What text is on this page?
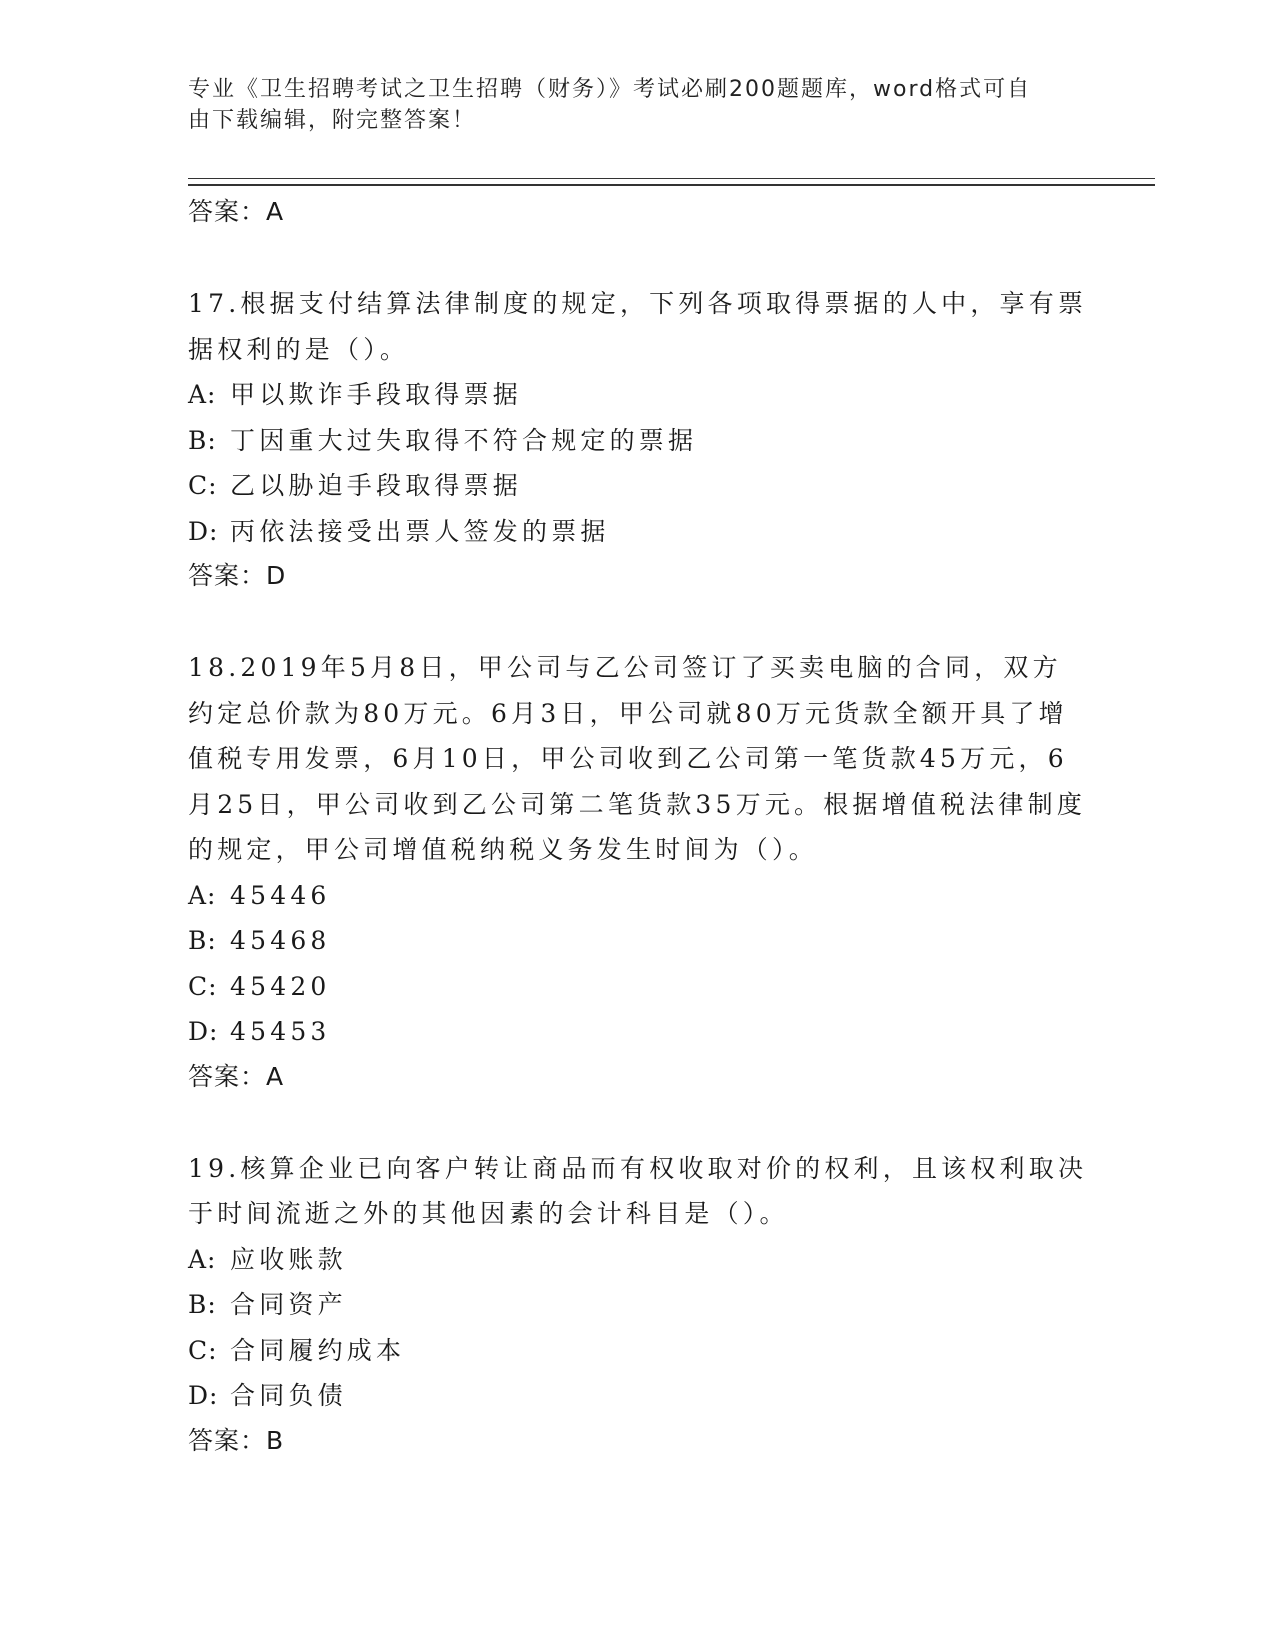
专业《卫生招聘考试之卫生招聘（财务）》考试必刷200题题库，word格式可自
由下载编辑，附完整答案！
答案：A
17.根据支付结算法律制度的规定，下列各项取得票据的人中，享有票据权利的是（）。
A: 甲以欺诈手段取得票据
B: 丁因重大过失取得不符合规定的票据
C: 乙以胁迫手段取得票据
D: 丙依法接受出票人签发的票据
答案：D
18.2019年5月8日，甲公司与乙公司签订了买卖电脑的合同，双方约定总价款为80万元。6月3日，甲公司就80万元货款全额开具了增值税专用发票，6月10日，甲公司收到乙公司第一笔货款45万元，6月25日，甲公司收到乙公司第二笔货款35万元。根据增值税法律制度的规定，甲公司增值税纳税义务发生时间为（）。
A: 45446
B: 45468
C: 45420
D: 45453
答案：A
19.核算企业已向客户转让商品而有权收取对价的权利，且该权利取决于时间流逝之外的其他因素的会计科目是（）。
A: 应收账款
B: 合同资产
C: 合同履约成本
D: 合同负债
答案：B
